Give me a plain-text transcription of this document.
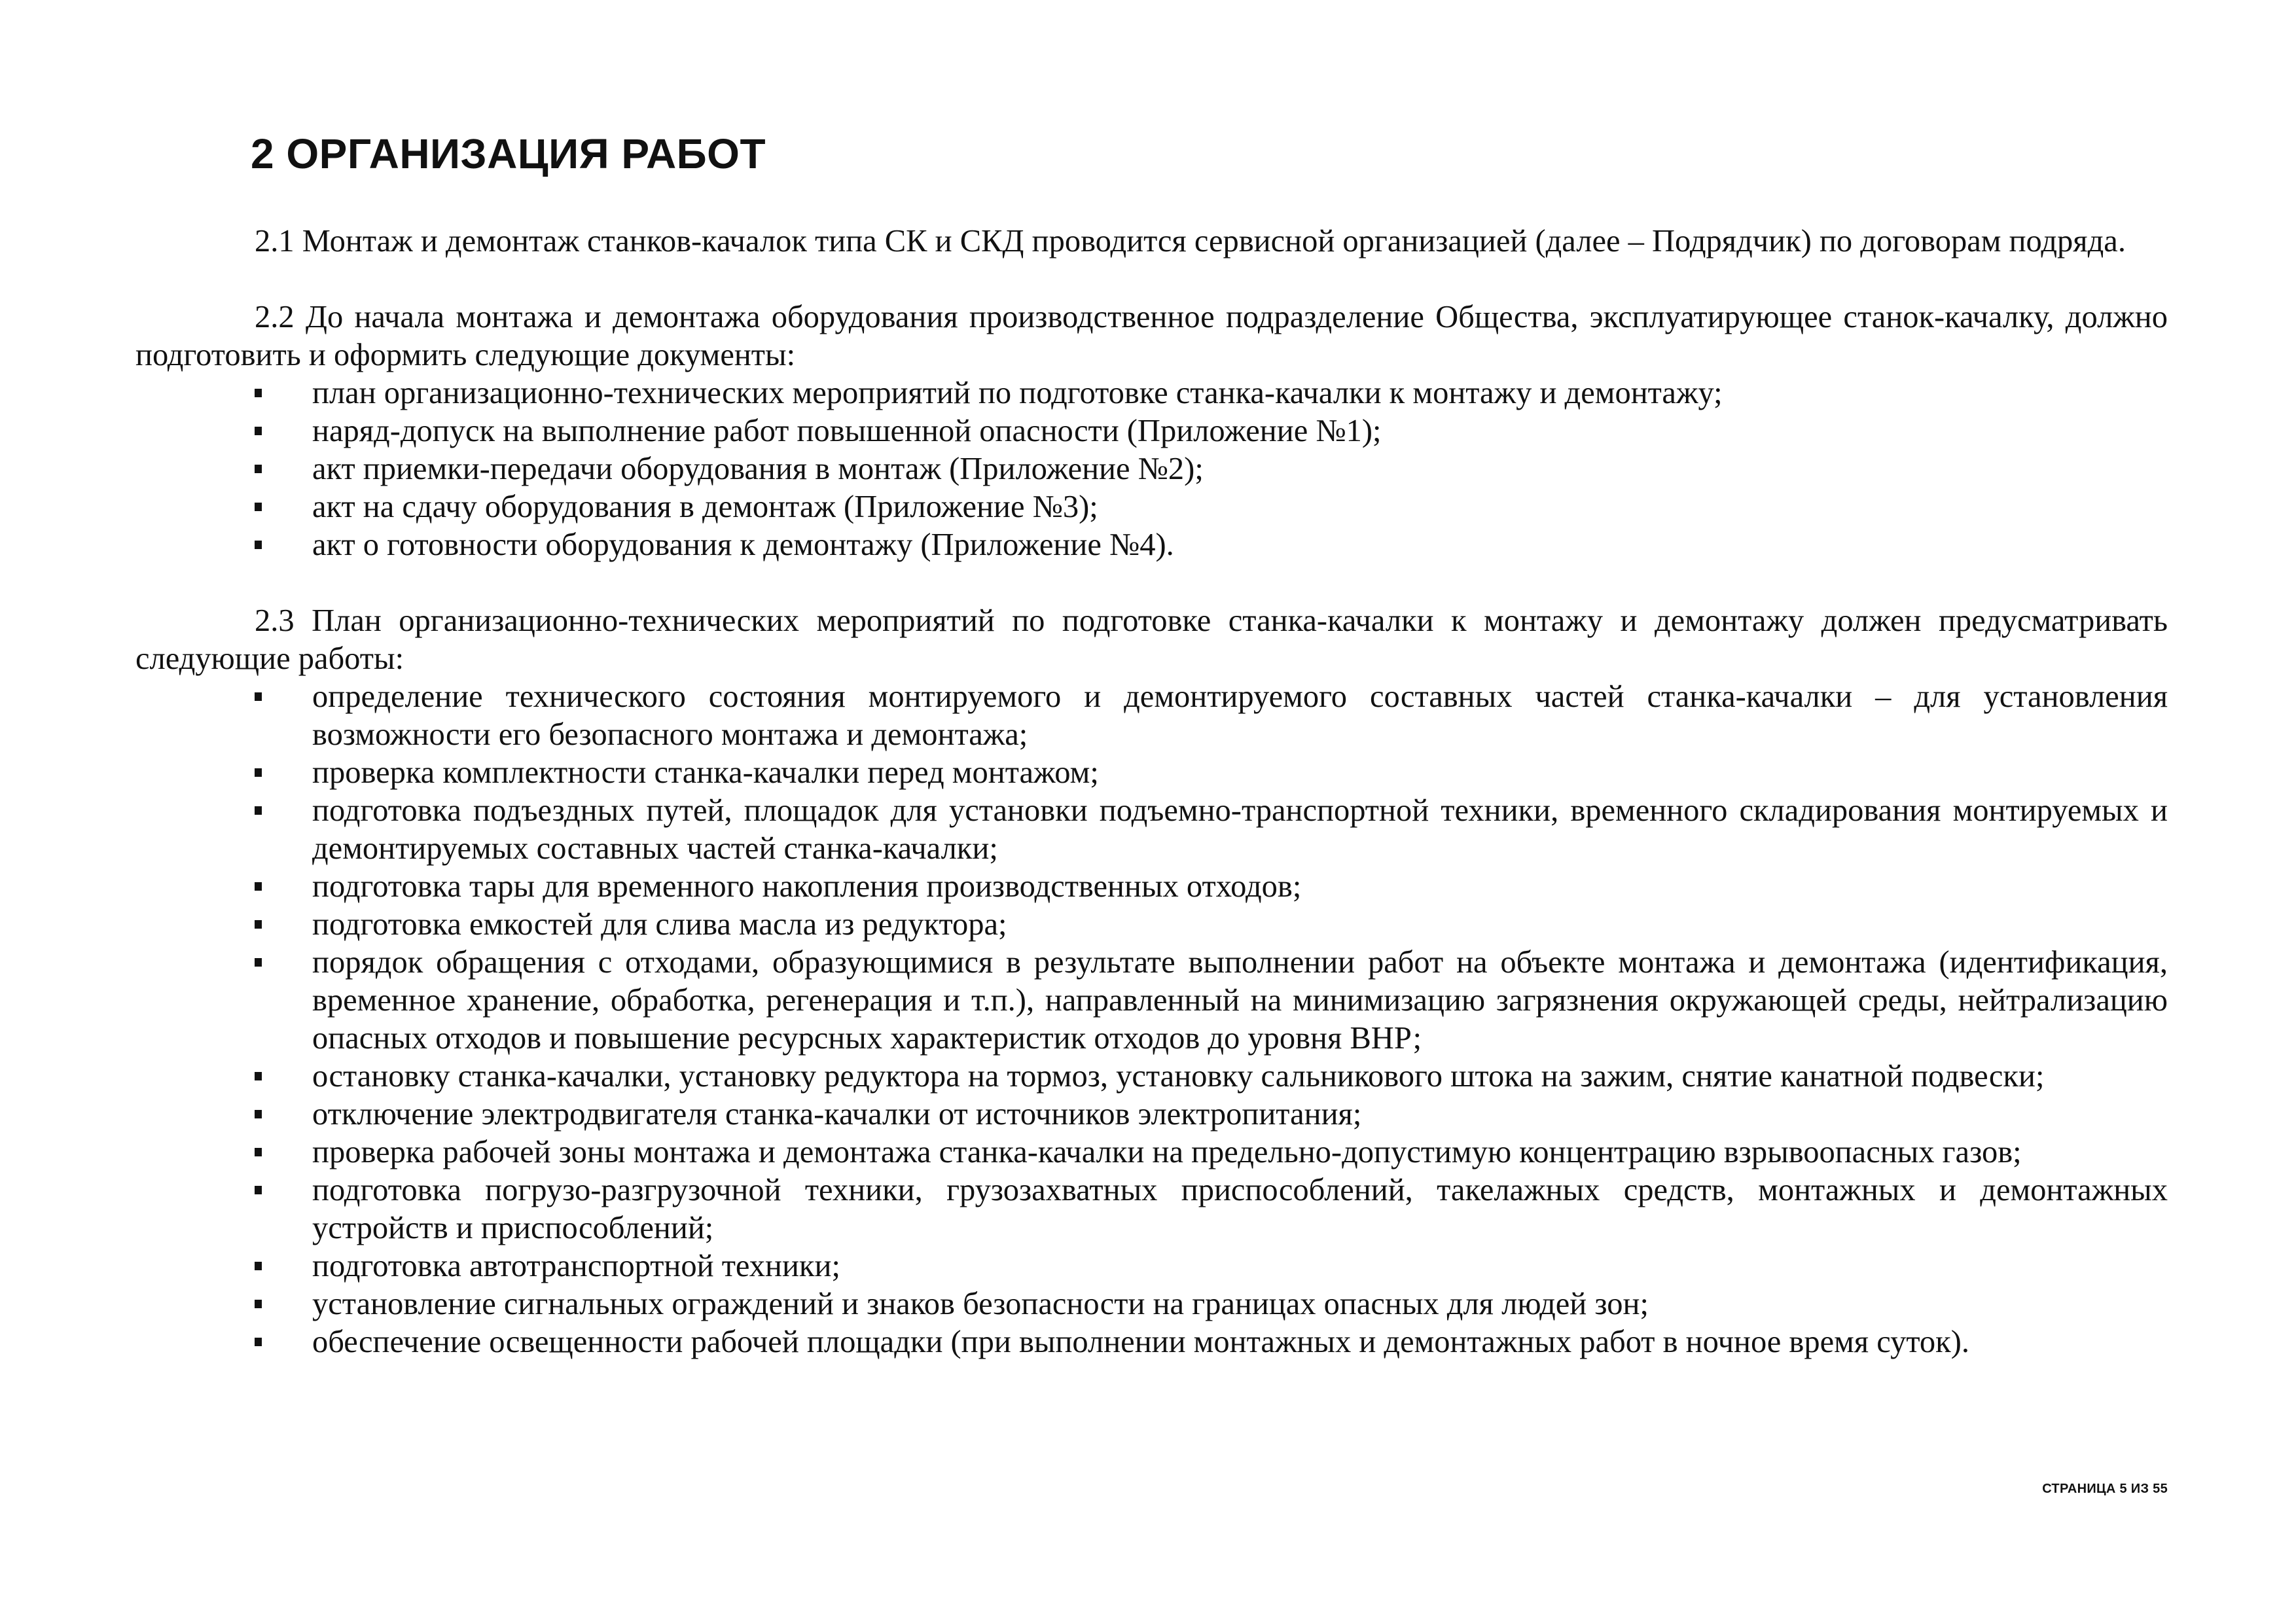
2 ОРГАНИЗАЦИЯ РАБОТ

2.1 Монтаж и демонтаж станков-качалок типа СК и СКД проводится сервисной организацией (далее – Подрядчик) по договорам подряда.

2.2 До начала монтажа и демонтажа оборудования производственное подразделение Общества, эксплуатирующее станок-качалку, должно подготовить и оформить следующие документы:

план организационно-технических мероприятий по подготовке станка-качалки к монтажу и демонтажу;
наряд-допуск на выполнение работ повышенной опасности (Приложение №1);
акт приемки-передачи оборудования в монтаж (Приложение №2);
акт на сдачу оборудования в демонтаж (Приложение №3);
акт о готовности оборудования к демонтажу (Приложение №4).

2.3 План организационно-технических мероприятий по подготовке станка-качалки к монтажу и демонтажу должен предусматривать следующие работы:

определение технического состояния монтируемого и демонтируемого составных частей станка-качалки – для установления возможности его безопасного монтажа и демонтажа;
проверка комплектности станка-качалки перед монтажом;
подготовка подъездных путей, площадок для установки подъемно-транспортной техники, временного складирования монтируемых и демонтируемых составных частей станка-качалки;
подготовка тары для временного накопления производственных отходов;
подготовка емкостей для слива масла из редуктора;
порядок обращения с отходами, образующимися в результате выполнении работ на объекте монтажа и демонтажа (идентификация, временное хранение, обработка, регенерация и т.п.), направленный на минимизацию загрязнения окружающей среды, нейтрализацию опасных отходов и повышение ресурсных характеристик отходов до уровня ВНР;
остановку станка-качалки, установку редуктора на тормоз, установку сальникового штока на зажим, снятие канатной подвески;
отключение электродвигателя станка-качалки от источников электропитания;
проверка рабочей зоны монтажа и демонтажа станка-качалки на предельно-допустимую концентрацию взрывоопасных газов;
подготовка погрузо-разгрузочной техники, грузозахватных приспособлений, такелажных средств, монтажных и демонтажных устройств и приспособлений;
подготовка автотранспортной техники;
установление сигнальных ограждений и знаков безопасности на границах опасных для людей зон;
обеспечение освещенности рабочей площадки (при выполнении монтажных и демонтажных работ в ночное время суток).
СТРАНИЦА 5 ИЗ 55
